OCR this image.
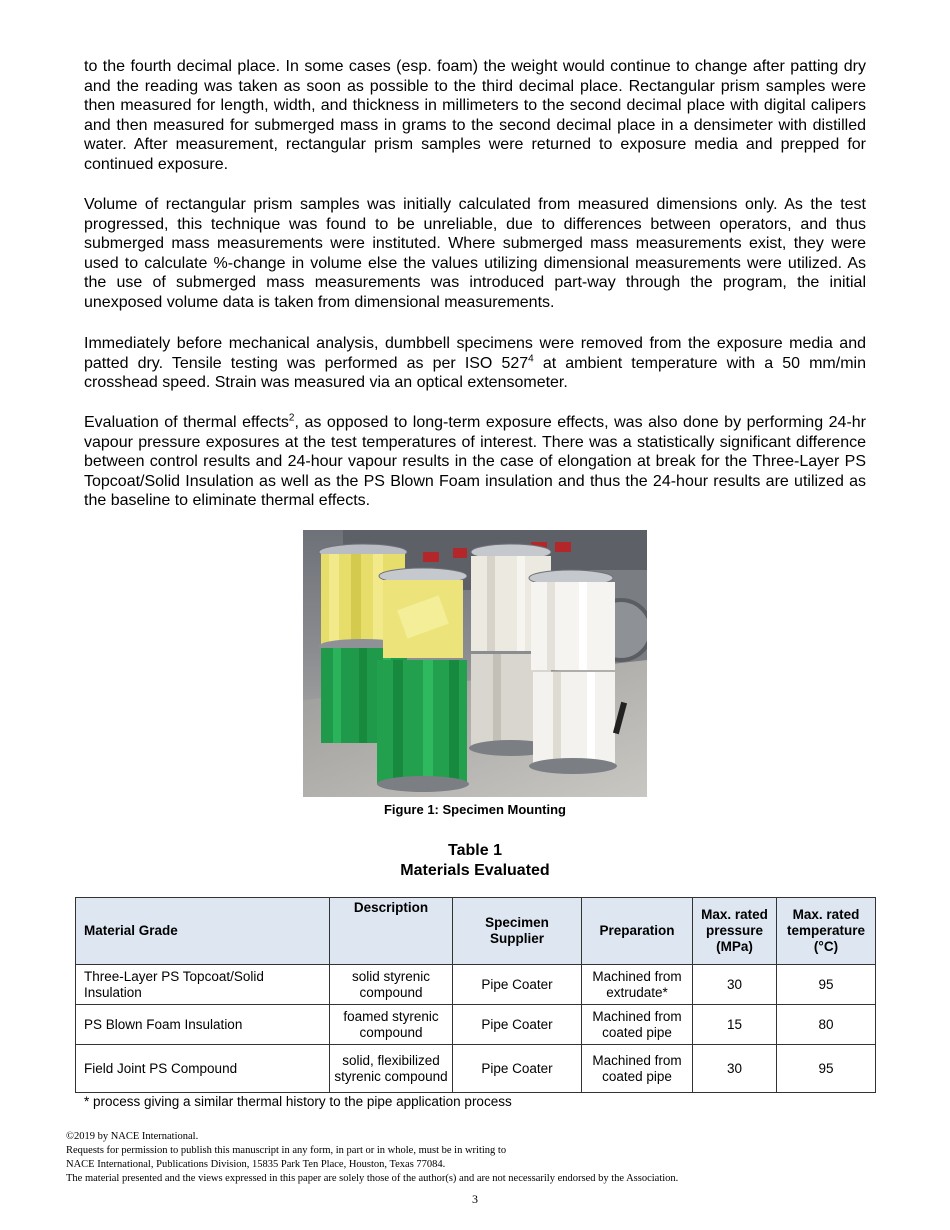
to the fourth decimal place. In some cases (esp. foam) the weight would continue to change after patting dry and the reading was taken as soon as possible to the third decimal place. Rectangular prism samples were then measured for length, width, and thickness in millimeters to the second decimal place with digital calipers and then measured for submerged mass in grams to the second decimal place in a densimeter with distilled water. After measurement, rectangular prism samples were returned to exposure media and prepped for continued exposure.

Volume of rectangular prism samples was initially calculated from measured dimensions only. As the test progressed, this technique was found to be unreliable, due to differences between operators, and thus submerged mass measurements were instituted. Where submerged mass measurements exist, they were used to calculate %-change in volume else the values utilizing dimensional measurements were utilized. As the use of submerged mass measurements was introduced part-way through the program, the initial unexposed volume data is taken from dimensional measurements.

Immediately before mechanical analysis, dumbbell specimens were removed from the exposure media and patted dry. Tensile testing was performed as per ISO $527^4$ at ambient temperature with a 50 mm/min crosshead speed. Strain was measured via an optical extensometer.

Evaluation of thermal effects$^2$, as opposed to long-term exposure effects, was also done by performing 24-hr vapour pressure exposures at the test temperatures of interest. There was a statistically significant difference between control results and 24-hour vapour results in the case of elongation at break for the Three-Layer PS Topcoat/Solid Insulation as well as the PS Blown Foam insulation and thus the 24-hour results are utilized as the baseline to eliminate thermal effects.

Figure 1: Specimen Mounting
Table 1
Materials Evaluated
Material Grade	Description	Specimen Supplier	Preparation	Max. rated pressure (MPa)	Max. rated temperature (°C)
Three-Layer PS Topcoat/Solid Insulation	solid styrenic compound	Pipe Coater	Machined from extrudate*	30	95
PS Blown Foam Insulation	foamed styrenic compound	Pipe Coater	Machined from coated pipe	15	80
Field Joint PS Compound	solid, flexibilized styrenic compound	Pipe Coater	Machined from coated pipe	30	95
* process giving a similar thermal history to the pipe application process
©2019 by NACE International.
Requests for permission to publish this manuscript in any form, in part or in whole, must be in writing to
NACE International, Publications Division, 15835 Park Ten Place, Houston, Texas 77084.
The material presented and the views expressed in this paper are solely those of the author(s) and are not necessarily endorsed by the Association.
3
